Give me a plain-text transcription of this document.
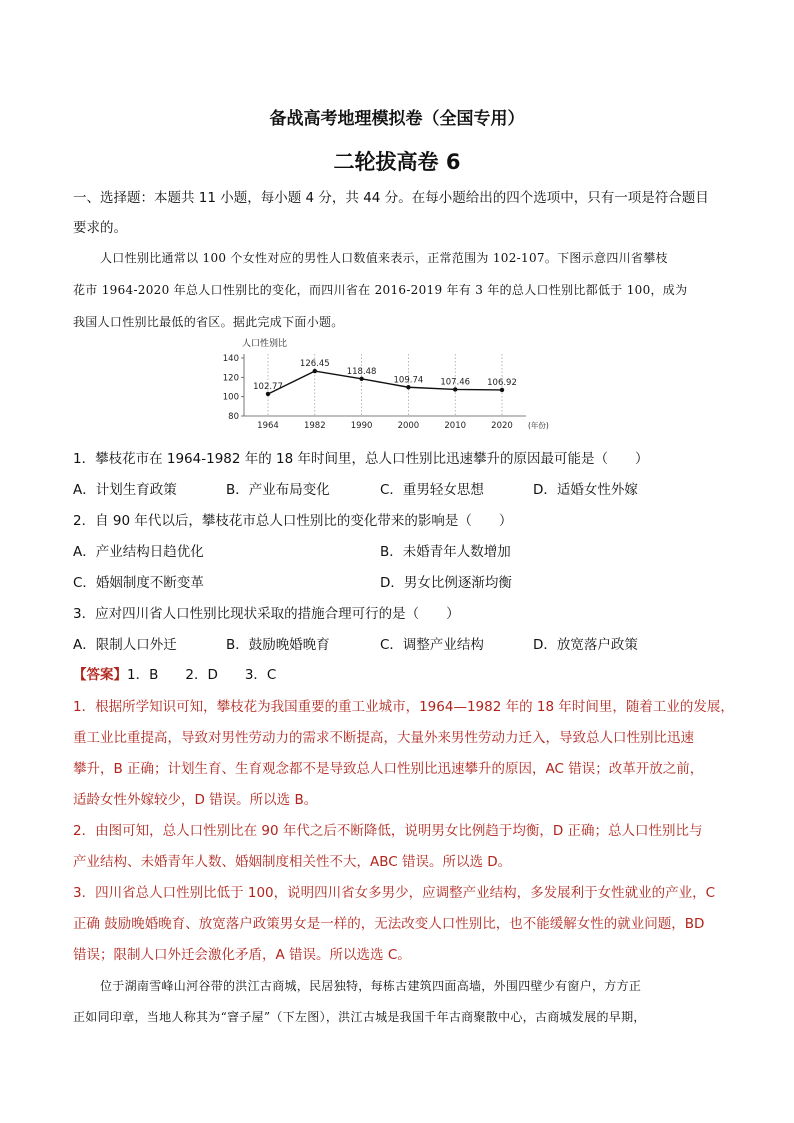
备战高考地理模拟卷（全国专用）
二轮拔高卷 6
一、选择题：本题共 11 小题，每小题 4 分，共 44 分。在每小题给出的四个选项中，只有一项是符合题目
要求的。
人口性别比通常以 100 个女性对应的男性人口数值来表示，正常范围为 102-107。下图示意四川省攀枝
花市 1964-2020 年总人口性别比的变化，而四川省在 2016-2019 年有 3 年的总人口性别比都低于 100，成为
我国人口性别比最低的省区。据此完成下面小题。
人口性别比
140
120
100
80
1964	1982	1990	2000	2010	2020 (年份)
102.77
126.45
118.48
109.74 107.46 106.92
1．攀枝花市在 1964-1982 年的 18 年时间里，总人口性别比迅速攀升的原因最可能是（　　）
A．计划生育政策	B．产业布局变化	C．重男轻女思想	D．适婚女性外嫁
2．自 90 年代以后，攀枝花市总人口性别比的变化带来的影响是（　　）
A．产业结构日趋优化	B．未婚青年人数增加
C．婚姻制度不断变革	D．男女比例逐渐均衡
3．应对四川省人口性别比现状采取的措施合理可行的是（　　）
A．限制人口外迁	B．鼓励晚婚晚育	C．调整产业结构	D．放宽落户政策
【答案】1．B　　2．D　　3．C
1．根据所学知识可知，攀枝花为我国重要的重工业城市，1964—1982 年的 18 年时间里，随着工业的发展，
重工业比重提高，导致对男性劳动力的需求不断提高，大量外来男性劳动力迁入，导致总人口性别比迅速
攀升，B 正确；计划生育、生育观念都不是导致总人口性别比迅速攀升的原因，AC 错误；改革开放之前，
适龄女性外嫁较少，D 错误。所以选 B。
2．由图可知，总人口性别比在 90 年代之后不断降低，说明男女比例趋于均衡，D 正确；总人口性别比与
产业结构、未婚青年人数、婚姻制度相关性不大，ABC 错误。所以选 D。
3．四川省总人口性别比低于 100，说明四川省女多男少，应调整产业结构，多发展利于女性就业的产业，C
正确 鼓励晚婚晚育、放宽落户政策男女是一样的，无法改变人口性别比，也不能缓解女性的就业问题，BD
错误；限制人口外迁会激化矛盾，A 错误。所以选选 C。
位于湖南雪峰山河谷带的洪江古商城，民居独特，每栋古建筑四面高墙，外围四壁少有窗户，方方正
正如同印章，当地人称其为“窨子屋”（下左图），洪江古城是我国千年古商聚散中心，古商城发展的早期，
